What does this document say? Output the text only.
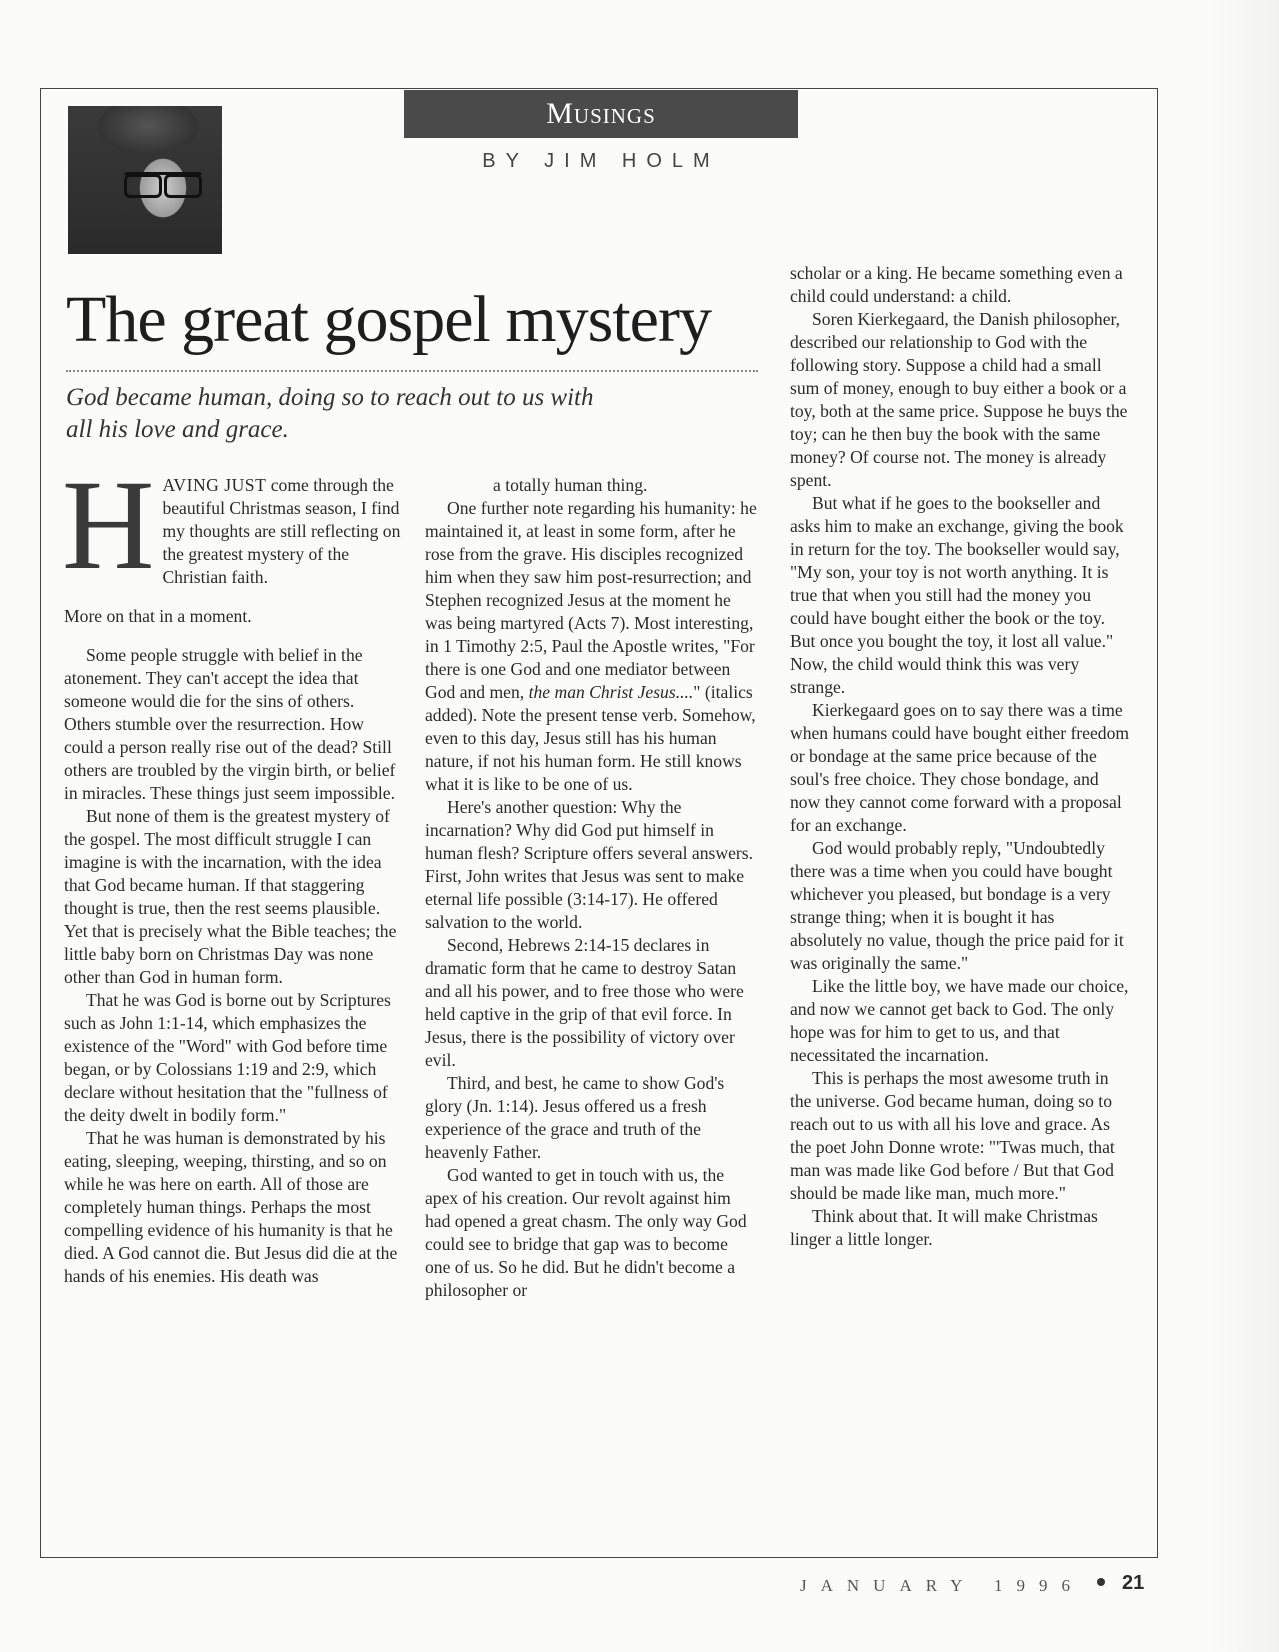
Musings
BY JIM HOLM
The great gospel mystery
God became human, doing so to reach out to us with all his love and grace.

HAVING JUST come through the beautiful Christmas season, I find my thoughts are still reflecting on the greatest mystery of the Christian faith.

More on that in a moment.

Some people struggle with belief in the atonement. They can't accept the idea that someone would die for the sins of others. Others stumble over the resurrection. How could a person really rise out of the dead? Still others are troubled by the virgin birth, or belief in miracles. These things just seem impossible.

But none of them is the greatest mystery of the gospel. The most difficult struggle I can imagine is with the incarnation, with the idea that God became human. If that staggering thought is true, then the rest seems plausible. Yet that is precisely what the Bible teaches; the little baby born on Christmas Day was none other than God in human form.

That he was God is borne out by Scriptures such as John 1:1-14, which emphasizes the existence of the "Word" with God before time began, or by Colossians 1:19 and 2:9, which declare without hesitation that the "fullness of the deity dwelt in bodily form."

That he was human is demonstrated by his eating, sleeping, weeping, thirsting, and so on while he was here on earth. All of those are completely human things. Perhaps the most compelling evidence of his humanity is that he died. A God cannot die. But Jesus did die at the hands of his enemies. His death was

a totally human thing.

One further note regarding his humanity: he maintained it, at least in some form, after he rose from the grave. His disciples recognized him when they saw him post-resurrection; and Stephen recognized Jesus at the moment he was being martyred (Acts 7). Most interesting, in 1 Timothy 2:5, Paul the Apostle writes, "For there is one God and one mediator between God and men, the man Christ Jesus...." (italics added). Note the present tense verb. Somehow, even to this day, Jesus still has his human nature, if not his human form. He still knows what it is like to be one of us.

Here's another question: Why the incarnation? Why did God put himself in human flesh? Scripture offers several answers. First, John writes that Jesus was sent to make eternal life possible (3:14-17). He offered salvation to the world.

Second, Hebrews 2:14-15 declares in dramatic form that he came to destroy Satan and all his power, and to free those who were held captive in the grip of that evil force. In Jesus, there is the possibility of victory over evil.

Third, and best, he came to show God's glory (Jn. 1:14). Jesus offered us a fresh experience of the grace and truth of the heavenly Father.

God wanted to get in touch with us, the apex of his creation. Our revolt against him had opened a great chasm. The only way God could see to bridge that gap was to become one of us. So he did. But he didn't become a philosopher or

scholar or a king. He became something even a child could understand: a child.

Soren Kierkegaard, the Danish philosopher, described our relationship to God with the following story. Suppose a child had a small sum of money, enough to buy either a book or a toy, both at the same price. Suppose he buys the toy; can he then buy the book with the same money? Of course not. The money is already spent.

But what if he goes to the bookseller and asks him to make an exchange, giving the book in return for the toy. The bookseller would say, "My son, your toy is not worth anything. It is true that when you still had the money you could have bought either the book or the toy. But once you bought the toy, it lost all value." Now, the child would think this was very strange.

Kierkegaard goes on to say there was a time when humans could have bought either freedom or bondage at the same price because of the soul's free choice. They chose bondage, and now they cannot come forward with a proposal for an exchange.

God would probably reply, "Undoubtedly there was a time when you could have bought whichever you pleased, but bondage is a very strange thing; when it is bought it has absolutely no value, though the price paid for it was originally the same."

Like the little boy, we have made our choice, and now we cannot get back to God. The only hope was for him to get to us, and that necessitated the incarnation.

This is perhaps the most awesome truth in the universe. God became human, doing so to reach out to us with all his love and grace. As the poet John Donne wrote: "'Twas much, that man was made like God before / But that God should be made like man, much more."

Think about that. It will make Christmas linger a little longer.

JANUARY 1996 21
